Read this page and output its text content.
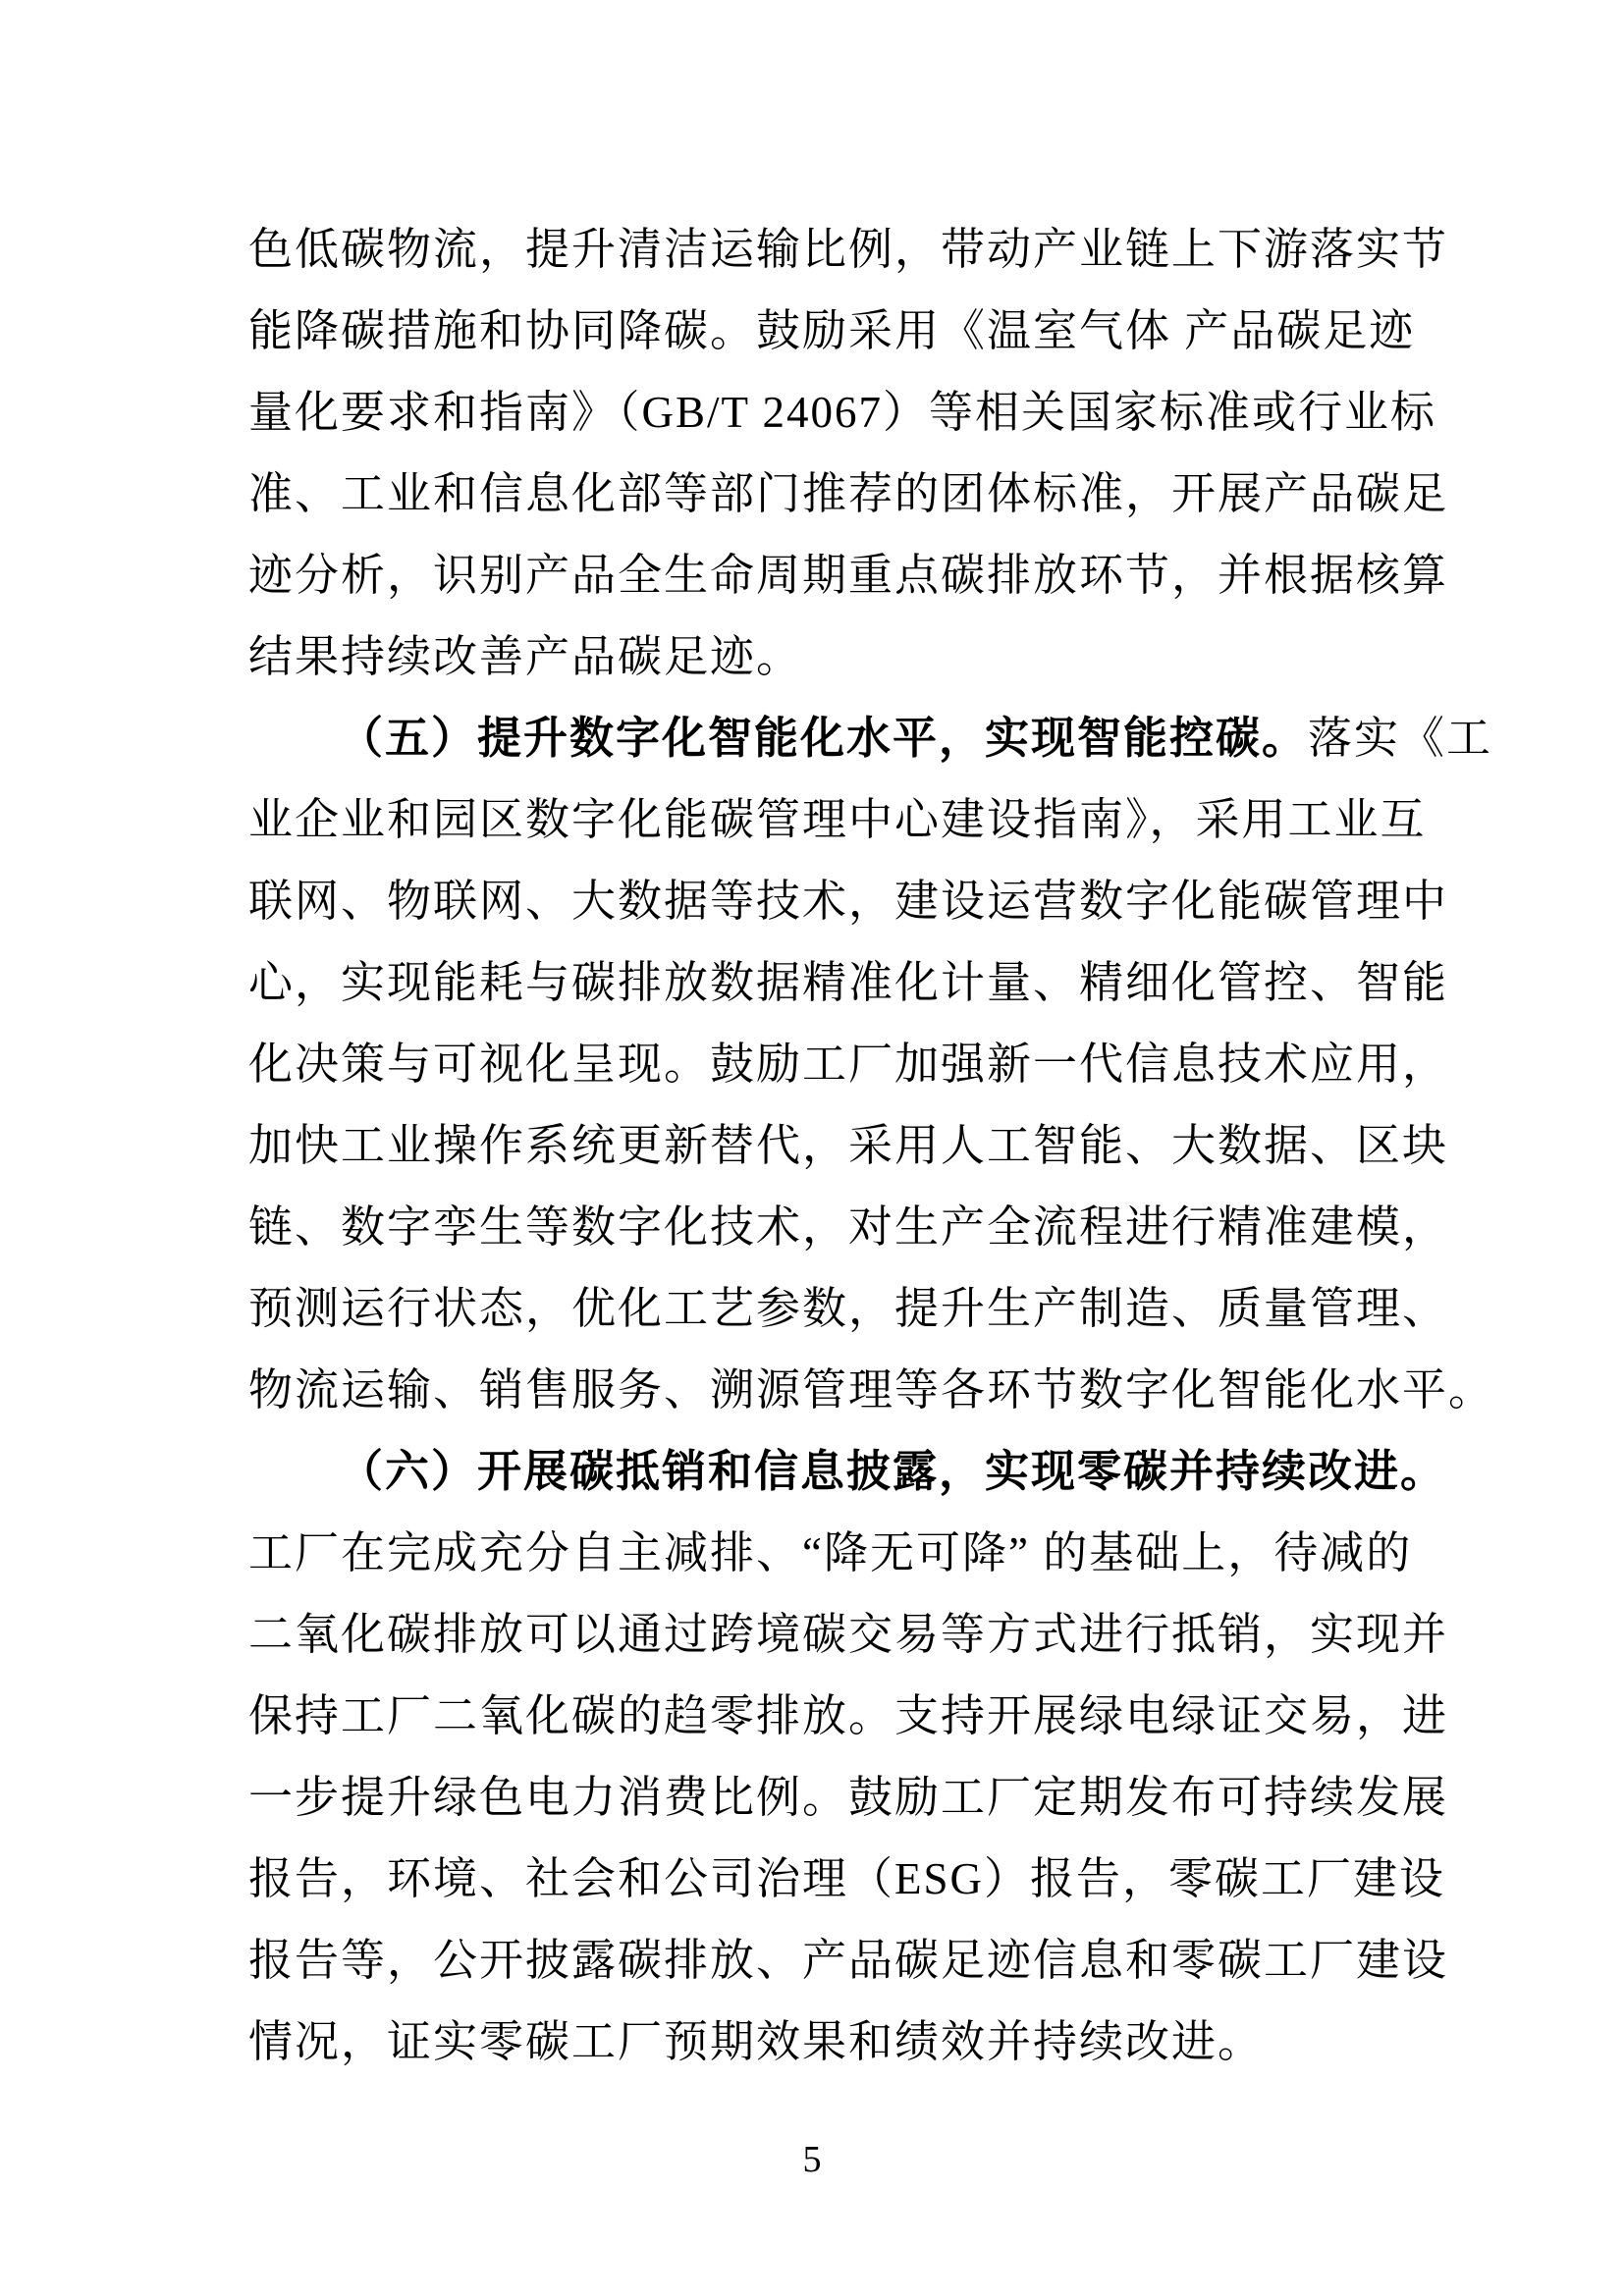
色低碳物流，提升清洁运输比例，带动产业链上下游落实节
能降碳措施和协同降碳。鼓励采用《温室气体 产品碳足迹
量化要求和指南》（GB/T 24067）等相关国家标准或行业标
准、工业和信息化部等部门推荐的团体标准，开展产品碳足
迹分析，识别产品全生命周期重点碳排放环节，并根据核算
结果持续改善产品碳足迹。
（五）提升数字化智能化水平，实现智能控碳。落实《工
业企业和园区数字化能碳管理中心建设指南》，采用工业互
联网、物联网、大数据等技术，建设运营数字化能碳管理中
心，实现能耗与碳排放数据精准化计量、精细化管控、智能
化决策与可视化呈现。鼓励工厂加强新一代信息技术应用，
加快工业操作系统更新替代，采用人工智能、大数据、区块
链、数字孪生等数字化技术，对生产全流程进行精准建模，
预测运行状态，优化工艺参数，提升生产制造、质量管理、
物流运输、销售服务、溯源管理等各环节数字化智能化水平。
（六）开展碳抵销和信息披露，实现零碳并持续改进。
工厂在完成充分自主减排、“降无可降” 的基础上，待减的
二氧化碳排放可以通过跨境碳交易等方式进行抵销，实现并
保持工厂二氧化碳的趋零排放。支持开展绿电绿证交易，进
一步提升绿色电力消费比例。鼓励工厂定期发布可持续发展
报告，环境、社会和公司治理（ESG）报告，零碳工厂建设
报告等，公开披露碳排放、产品碳足迹信息和零碳工厂建设
情况，证实零碳工厂预期效果和绩效并持续改进。
5
